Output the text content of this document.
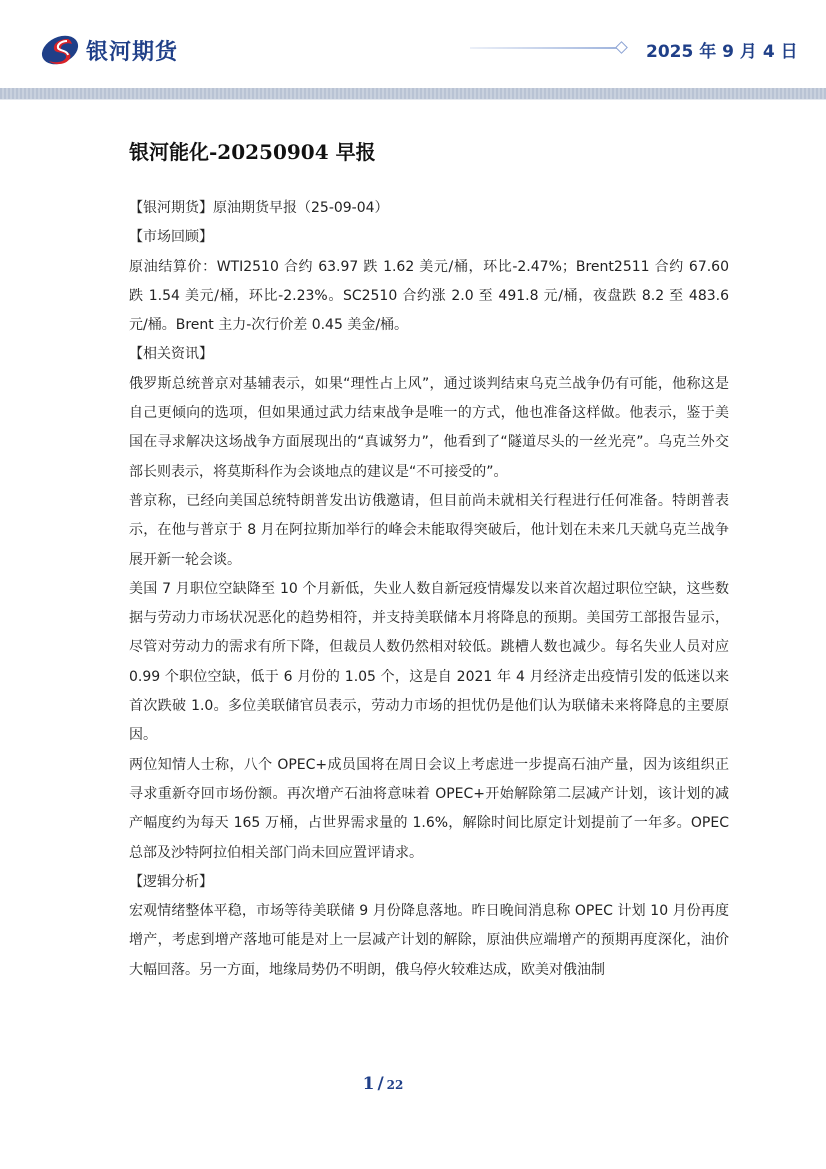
银河期货	2025 年 9 月 4 日
银河能化-20250904 早报

【银河期货】原油期货早报（25-09-04）

【市场回顾】

原油结算价：WTI2510 合约 63.97 跌 1.62 美元/桶，环比-2.47%；Brent2511 合约 67.60 跌 1.54 美元/桶，环比-2.23%。SC2510 合约涨 2.0 至 491.8 元/桶，夜盘跌 8.2 至 483.6 元/桶。Brent 主力-次行价差 0.45 美金/桶。

【相关资讯】

俄罗斯总统普京对基辅表示，如果“理性占上风”，通过谈判结束乌克兰战争仍有可能，他称这是自己更倾向的选项，但如果通过武力结束战争是唯一的方式，他也准备这样做。他表示，鉴于美国在寻求解决这场战争方面展现出的“真诚努力”，他看到了“隧道尽头的一丝光亮”。乌克兰外交部长则表示，将莫斯科作为会谈地点的建议是“不可接受的”。

普京称，已经向美国总统特朗普发出访俄邀请，但目前尚未就相关行程进行任何准备。特朗普表示，在他与普京于 8 月在阿拉斯加举行的峰会未能取得突破后，他计划在未来几天就乌克兰战争展开新一轮会谈。

美国 7 月职位空缺降至 10 个月新低，失业人数自新冠疫情爆发以来首次超过职位空缺，这些数据与劳动力市场状况恶化的趋势相符，并支持美联储本月将降息的预期。美国劳工部报告显示，尽管对劳动力的需求有所下降，但裁员人数仍然相对较低。跳槽人数也减少。每名失业人员对应 0.99 个职位空缺，低于 6 月份的 1.05 个，这是自 2021 年 4 月经济走出疫情引发的低迷以来首次跌破 1.0。多位美联储官员表示，劳动力市场的担忧仍是他们认为联储未来将降息的主要原因。

两位知情人士称，八个 OPEC+成员国将在周日会议上考虑进一步提高石油产量，因为该组织正寻求重新夺回市场份额。再次增产石油将意味着 OPEC+开始解除第二层减产计划，该计划的减产幅度约为每天 165 万桶，占世界需求量的 1.6%，解除时间比原定计划提前了一年多。OPEC 总部及沙特阿拉伯相关部门尚未回应置评请求。

【逻辑分析】

宏观情绪整体平稳，市场等待美联储 9 月份降息落地。昨日晚间消息称 OPEC 计划 10 月份再度增产，考虑到增产落地可能是对上一层减产计划的解除，原油供应端增产的预期再度深化，油价大幅回落。另一方面，地缘局势仍不明朗，俄乌停火较难达成，欧美对俄油制

1 / 22
